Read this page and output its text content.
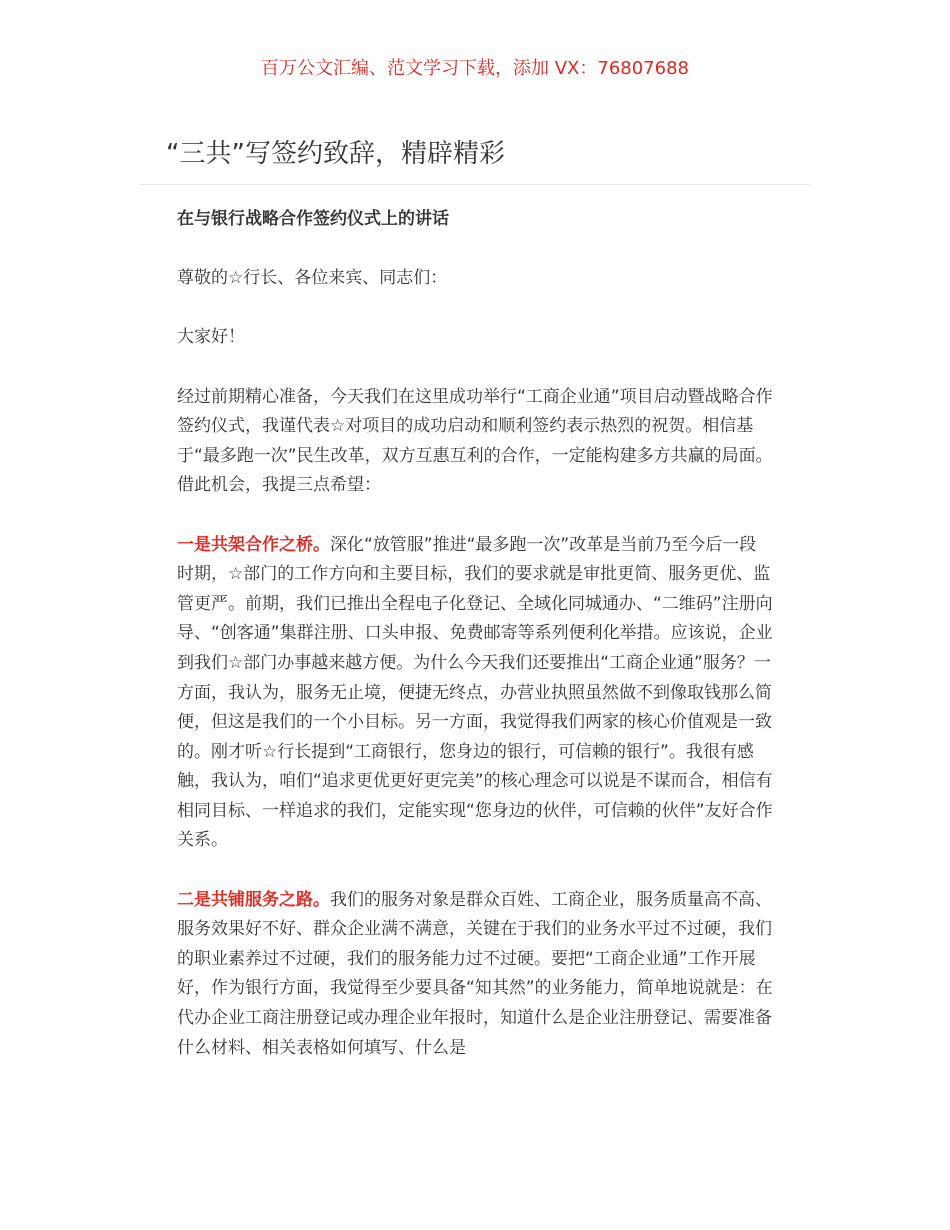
百万公文汇编、范文学习下载，添加 VX：76807688
“三共”写签约致辞，精辟精彩

在与银行战略合作签约仪式上的讲话

尊敬的☆行长、各位来宾、同志们：

大家好！

经过前期精心准备，今天我们在这里成功举行“工商企业通”项目启动暨战略合作签约仪式，我谨代表☆对项目的成功启动和顺利签约表示热烈的祝贺。相信基于“最多跑一次”民生改革，双方互惠互利的合作，一定能构建多方共赢的局面。借此机会，我提三点希望：

一是共架合作之桥。深化“放管服”推进“最多跑一次”改革是当前乃至今后一段时期，☆部门的工作方向和主要目标，我们的要求就是审批更简、服务更优、监管更严。前期，我们已推出全程电子化登记、全域化同城通办、“二维码”注册向导、“创客通”集群注册、口头申报、免费邮寄等系列便利化举措。应该说，企业到我们☆部门办事越来越方便。为什么今天我们还要推出“工商企业通”服务？一方面，我认为，服务无止境，便捷无终点，办营业执照虽然做不到像取钱那么简便，但这是我们的一个小目标。另一方面，我觉得我们两家的核心价值观是一致的。刚才听☆行长提到“工商银行，您身边的银行，可信赖的银行”。我很有感触，我认为，咱们“追求更优更好更完美”的核心理念可以说是不谋而合，相信有相同目标、一样追求的我们，定能实现“您身边的伙伴，可信赖的伙伴”友好合作关系。

二是共铺服务之路。我们的服务对象是群众百姓、工商企业，服务质量高不高、服务效果好不好、群众企业满不满意，关键在于我们的业务水平过不过硬，我们的职业素养过不过硬，我们的服务能力过不过硬。要把“工商企业通”工作开展好，作为银行方面，我觉得至少要具备“知其然”的业务能力，简单地说就是：在代办企业工商注册登记或办理企业年报时，知道什么是企业注册登记、需要准备什么材料、相关表格如何填写、什么是
